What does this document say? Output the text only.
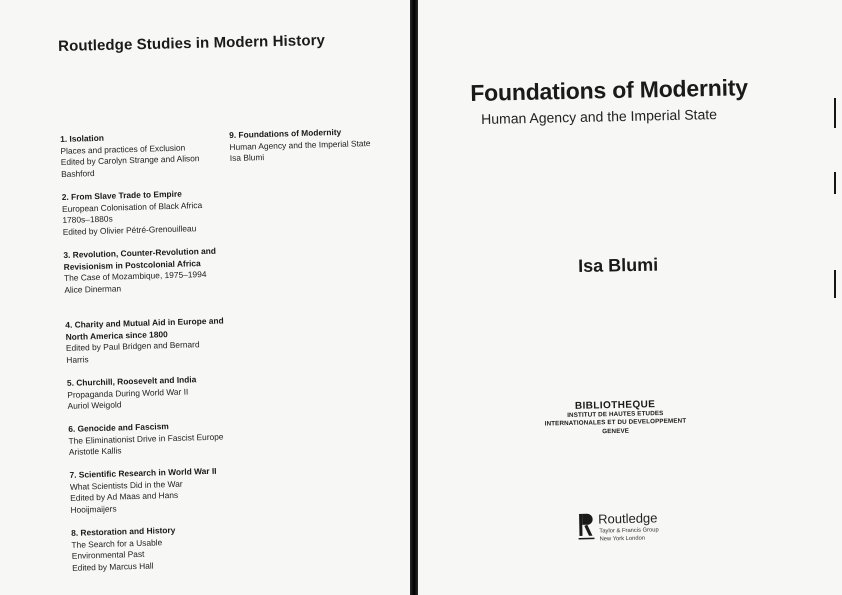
Routledge Studies in Modern History
1. Isolation
Places and practices of Exclusion
Edited by Carolyn Strange and Alison
Bashford
2. From Slave Trade to Empire
European Colonisation of Black Africa
1780s–1880s
Edited by Olivier Pétré-Grenouilleau
3. Revolution, Counter-Revolution and Revisionism in Postcolonial Africa
The Case of Mozambique, 1975–1994
Alice Dinerman
4. Charity and Mutual Aid in Europe and North America since 1800
Edited by Paul Bridgen and Bernard
Harris
5. Churchill, Roosevelt and India
Propaganda During World War II
Auriol Weigold
6. Genocide and Fascism
The Eliminationist Drive in Fascist Europe
Aristotle Kallis
7. Scientific Research in World War II
What Scientists Did in the War
Edited by Ad Maas and Hans
Hooijmaijers
8. Restoration and History
The Search for a Usable
Environmental Past
Edited by Marcus Hall
9. Foundations of Modernity
Human Agency and the Imperial State
Isa Blumi
Foundations of Modernity
Human Agency and the Imperial State
Isa Blumi
BIBLIOTHEQUE
INSTITUT DE HAUTES ETUDES
INTERNATIONALES ET DU DEVELOPPEMENT
GENEVE
Routledge
Taylor & Francis Group
New York London
